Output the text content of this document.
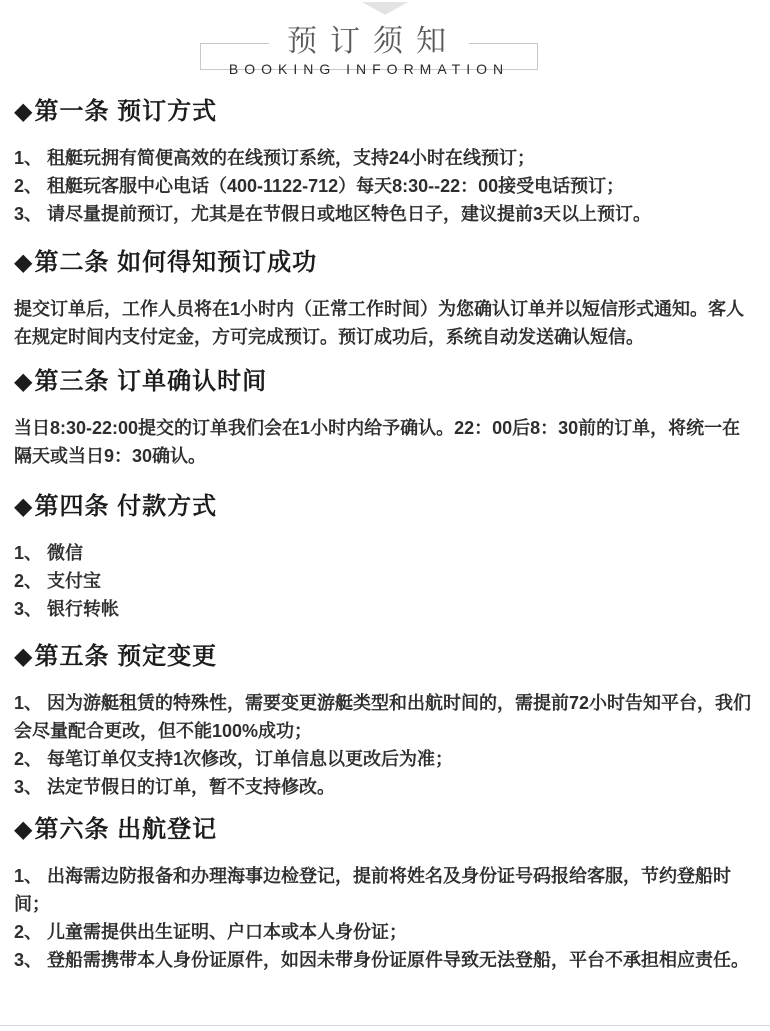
预订须知
BOOKING INFORMATION
◆第一条 预订方式

1、 租艇玩拥有简便高效的在线预订系统，支持24小时在线预订；

2、 租艇玩客服中心电话（400-1122-712）每天8:30--22：00接受电话预订；

3、 请尽量提前预订，尤其是在节假日或地区特色日子，建议提前3天以上预订。

◆第二条 如何得知预订成功

提交订单后，工作人员将在1小时内（正常工作时间）为您确认订单并以短信形式通知。客人在规定时间内支付定金，方可完成预订。预订成功后，系统自动发送确认短信。

◆第三条 订单确认时间

当日8:30-22:00提交的订单我们会在1小时内给予确认。22：00后8：30前的订单，将统一在隔天或当日9：30确认。

◆第四条 付款方式

1、 微信

2、 支付宝

3、 银行转帐

◆第五条 预定变更

1、 因为游艇租赁的特殊性，需要变更游艇类型和出航时间的，需提前72小时告知平台，我们会尽量配合更改，但不能100%成功；

2、 每笔订单仅支持1次修改，订单信息以更改后为准；

3、 法定节假日的订单，暂不支持修改。

◆第六条 出航登记

1、 出海需边防报备和办理海事边检登记，提前将姓名及身份证号码报给客服，节约登船时间；

2、 儿童需提供出生证明、户口本或本人身份证；

3、 登船需携带本人身份证原件，如因未带身份证原件导致无法登船，平台不承担相应责任。
